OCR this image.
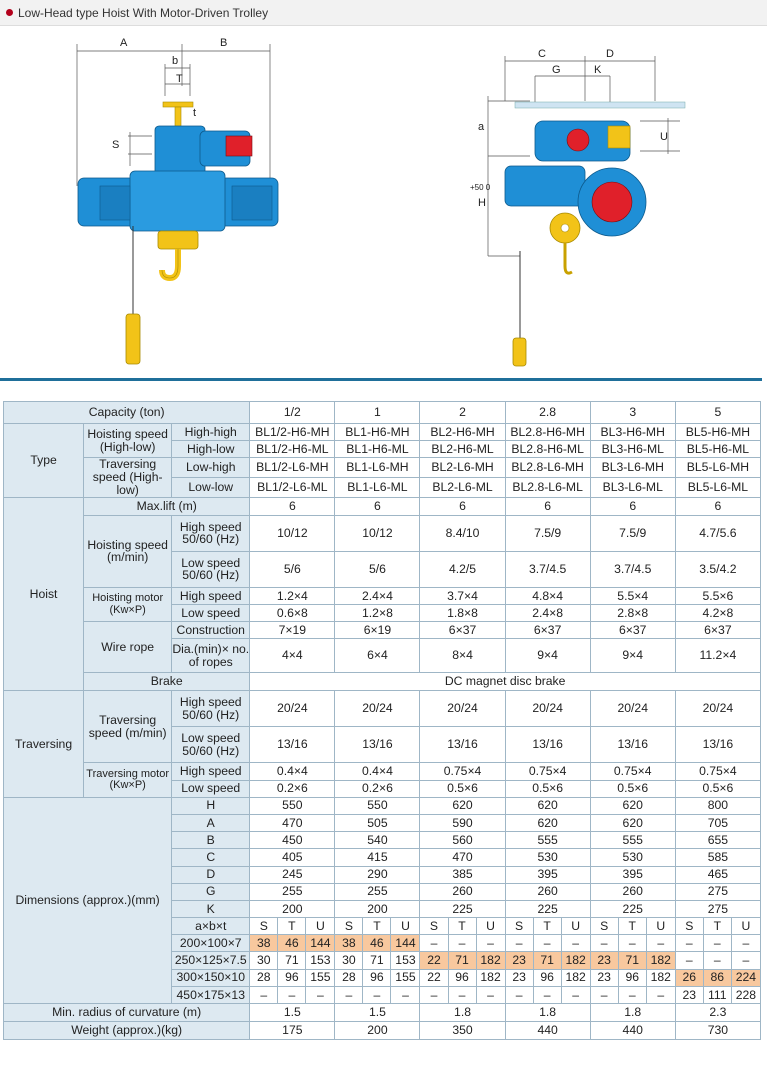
Low-Head type Hoist With Motor-Driven Trolley
A	B
b
T
t
S
C	D
G	K
a
U
H
+50 0
Capacity (ton)			1/2			1			2			2.8			3			5		
Type	Hoisting speed (High-low)	High-high	BL1/2-H6-MH			BL1-H6-MH			BL2-H6-MH			BL2.8-H6-MH			BL3-H6-MH			BL5-H6-MH		
		High-low	BL1/2-H6-ML			BL1-H6-ML			BL2-H6-ML			BL2.8-H6-ML			BL3-H6-ML			BL5-H6-ML		
	Traversing speed (High-low)	Low-high	BL1/2-L6-MH			BL1-L6-MH			BL2-L6-MH			BL2.8-L6-MH			BL3-L6-MH			BL5-L6-MH		
		Low-low	BL1/2-L6-ML			BL1-L6-ML			BL2-L6-ML			BL2.8-L6-ML			BL3-L6-ML			BL5-L6-ML		
Hoist	Max.lift (m)		6			6			6			6			6			6		
	Hoisting speed (m/min)	High speed 50/60 (Hz)	10/12			10/12			8.4/10			7.5/9			7.5/9			4.7/5.6		
		Low speed 50/60 (Hz)	5/6			5/6			4.2/5			3.7/4.5			3.7/4.5			3.5/4.2		
	Hoisting motor (Kw×P)	High speed	1.2×4			2.4×4			3.7×4			4.8×4			5.5×4			5.5×6		
		Low speed	0.6×8			1.2×8			1.8×8			2.4×8			2.8×8			4.2×8		
	Wire rope	Construction	7×19			6×19			6×37			6×37			6×37			6×37		
		Dia.(min)× no. of ropes	4×4			6×4			8×4			9×4			9×4			11.2×4		
	Brake		DC magnet disc brake																	
Traversing	Traversing speed (m/min)	High speed 50/60 (Hz)	20/24			20/24			20/24			20/24			20/24			20/24		
		Low speed 50/60 (Hz)	13/16			13/16			13/16			13/16			13/16			13/16		
	Traversing motor (Kw×P)	High speed	0.4×4			0.4×4			0.75×4			0.75×4			0.75×4			0.75×4		
		Low speed	0.2×6			0.2×6			0.5×6			0.5×6			0.5×6			0.5×6		
Dimensions (approx.)(mm)		H	550			550			620			620			620			800		
		A	470			505			590			620			620			705		
		B	450			540			560			555			555			655		
		C	405			415			470			530			530			585		
		D	245			290			385			395			395			465		
		G	255			255			260			260			260			275		
		K	200			200			225			225			225			275		
		a×b×t	S	T	U	S	T	U	S	T	U	S	T	U	S	T	U	S	T	U
		200×100×7	38	46	144	38	46	144	–	–	–	–	–	–	–	–	–	–	–	–
		250×125×7.5	30	71	153	30	71	153	22	71	182	23	71	182	23	71	182	–	–	–
		300×150×10	28	96	155	28	96	155	22	96	182	23	96	182	23	96	182	26	86	224
		450×175×13	–	–	–	–	–	–	–	–	–	–	–	–	–	–	–	23	111	228
Min. radius of curvature (m)			1.5			1.5			1.8			1.8			1.8			2.3		
Weight (approx.)(kg)			175			200			350			440			440			730		
